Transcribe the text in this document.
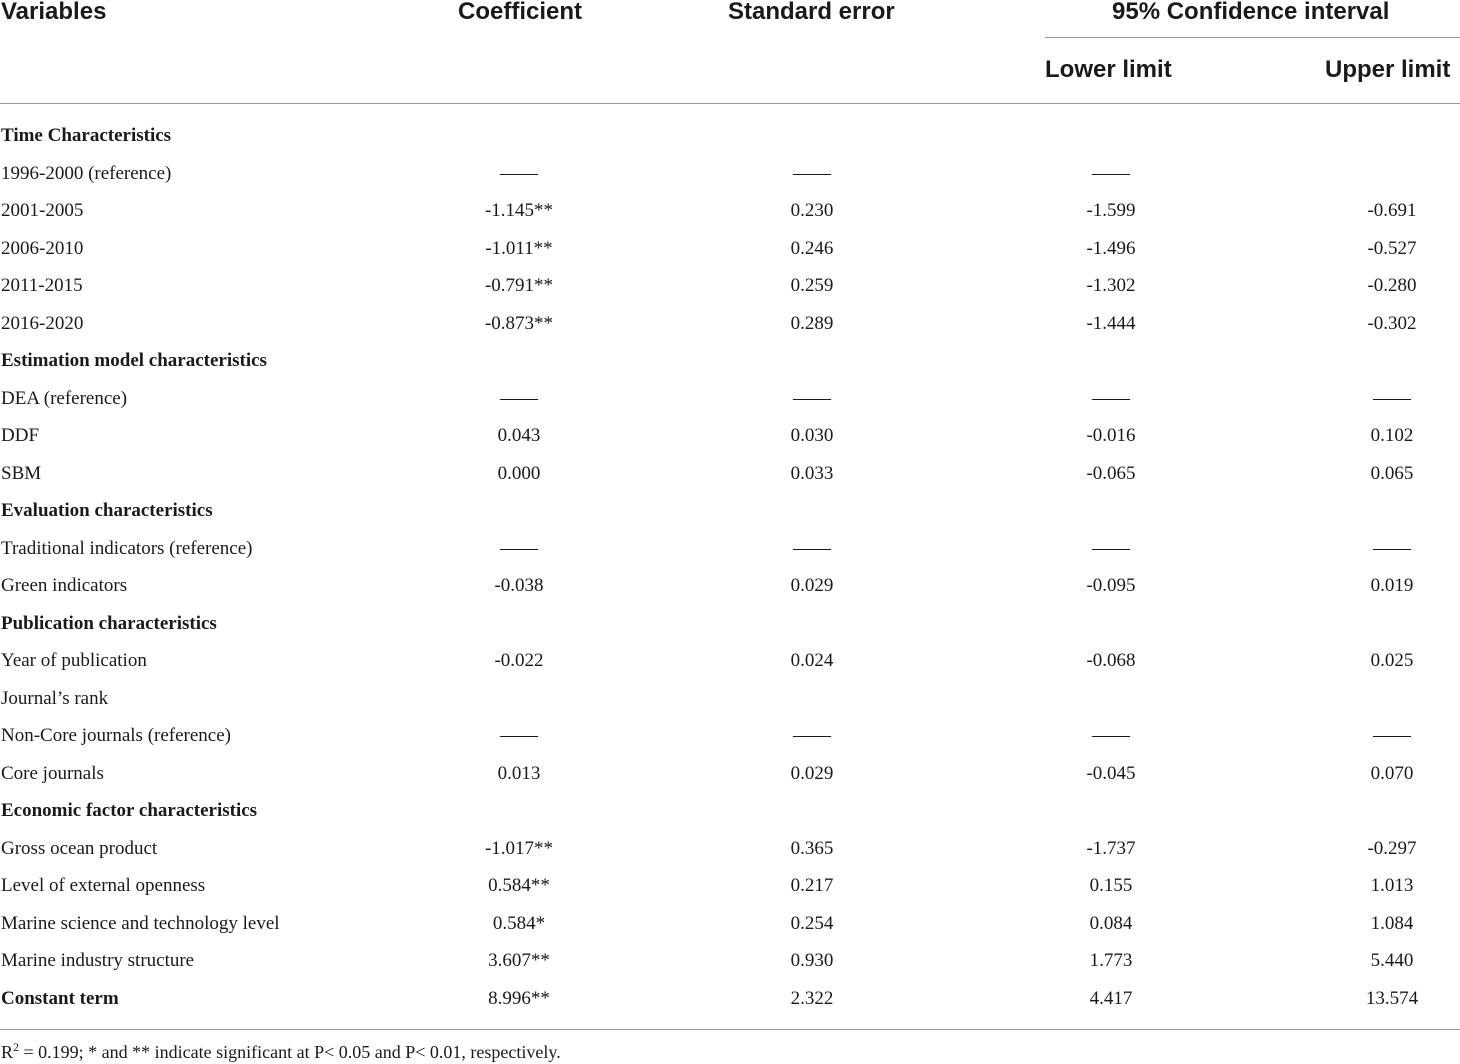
Variables	Coefficient	Standard error	95% Confidence interval
Lower limit	Upper limit
Time Characteristics
1996-2000 (reference)	——	——	——
2001-2005	-1.145**	0.230	-1.599	-0.691
2006-2010	-1.011**	0.246	-1.496	-0.527
2011-2015	-0.791**	0.259	-1.302	-0.280
2016-2020	-0.873**	0.289	-1.444	-0.302
Estimation model characteristics
DEA (reference)	——	——	——	——
DDF	0.043	0.030	-0.016	0.102
SBM	0.000	0.033	-0.065	0.065
Evaluation characteristics
Traditional indicators (reference)	——	——	——	——
Green indicators	-0.038	0.029	-0.095	0.019
Publication characteristics
Year of publication	-0.022	0.024	-0.068	0.025
Journal’s rank
Non-Core journals (reference)	——	——	——	——
Core journals	0.013	0.029	-0.045	0.070
Economic factor characteristics
Gross ocean product	-1.017**	0.365	-1.737	-0.297
Level of external openness	0.584**	0.217	0.155	1.013
Marine science and technology level	0.584*	0.254	0.084	1.084
Marine industry structure	3.607**	0.930	1.773	5.440
Constant term	8.996**	2.322	4.417	13.574
$R^2 = 0.199$; * and ** indicate significant at P< 0.05 and P< 0.01, respectively.
